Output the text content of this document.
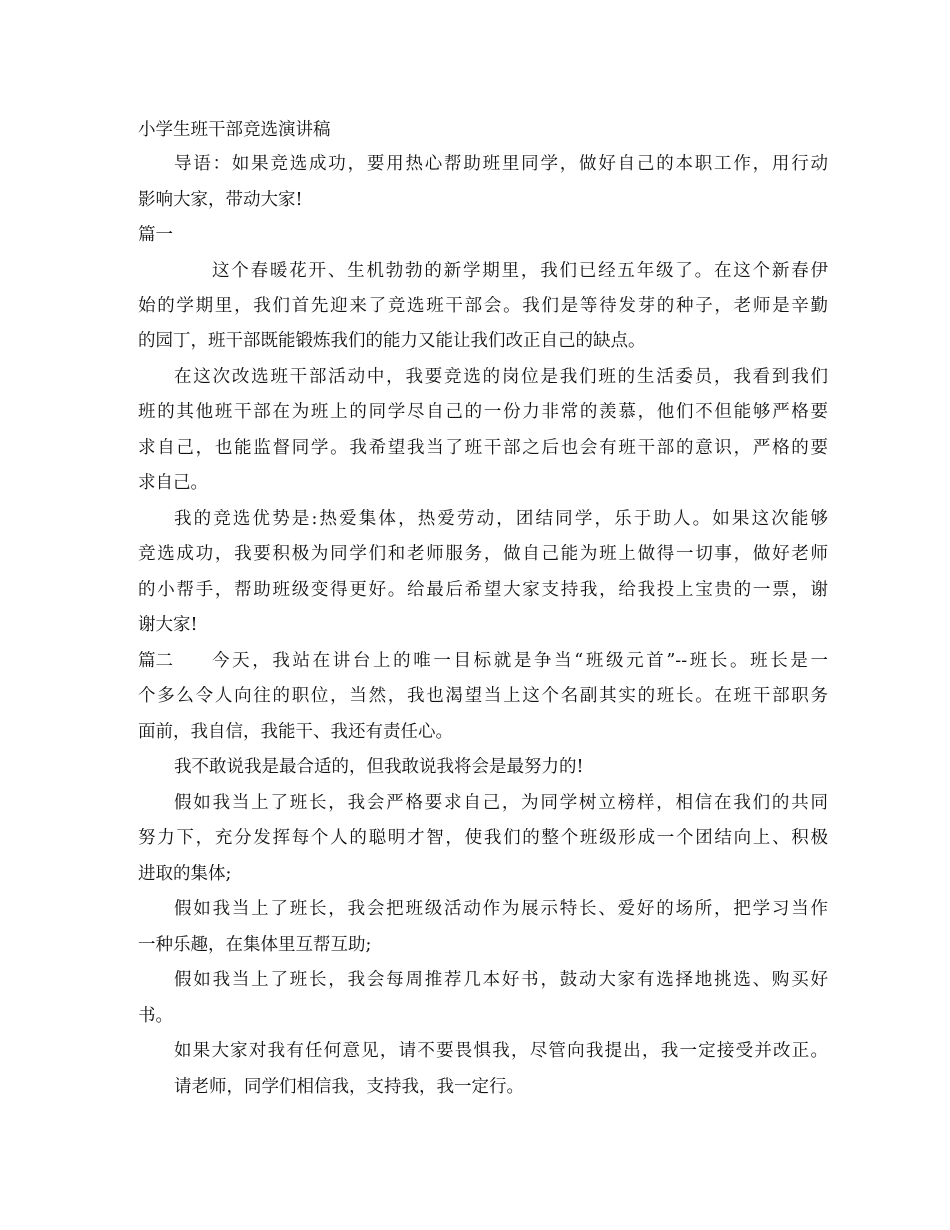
小学生班干部竞选演讲稿
导语：如果竞选成功，要用热心帮助班里同学，做好自己的本职工作，用行动
影响大家，带动大家!
篇一
这个春暖花开、生机勃勃的新学期里，我们已经五年级了。在这个新春伊
始的学期里，我们首先迎来了竞选班干部会。我们是等待发芽的种子，老师是辛勤
的园丁，班干部既能锻炼我们的能力又能让我们改正自己的缺点。
在这次改选班干部活动中，我要竞选的岗位是我们班的生活委员，我看到我们
班的其他班干部在为班上的同学尽自己的一份力非常的羡慕，他们不但能够严格要
求自己，也能监督同学。我希望我当了班干部之后也会有班干部的意识，严格的要
求自己。
我的竞选优势是:热爱集体，热爱劳动，团结同学，乐于助人。如果这次能够
竞选成功，我要积极为同学们和老师服务，做自己能为班上做得一切事，做好老师
的小帮手，帮助班级变得更好。给最后希望大家支持我，给我投上宝贵的一票，谢
谢大家!
篇二	今天，我站在讲台上的唯一目标就是争当“班级元首”--班长。班长是一
个多么令人向往的职位，当然，我也渴望当上这个名副其实的班长。在班干部职务
面前，我自信，我能干、我还有责任心。
我不敢说我是最合适的，但我敢说我将会是最努力的!
假如我当上了班长，我会严格要求自己，为同学树立榜样，相信在我们的共同
努力下，充分发挥每个人的聪明才智，使我们的整个班级形成一个团结向上、积极
进取的集体;
假如我当上了班长，我会把班级活动作为展示特长、爱好的场所，把学习当作
一种乐趣，在集体里互帮互助;
假如我当上了班长，我会每周推荐几本好书，鼓动大家有选择地挑选、购买好
书。
如果大家对我有任何意见，请不要畏惧我，尽管向我提出，我一定接受并改正。
请老师，同学们相信我，支持我，我一定行。
